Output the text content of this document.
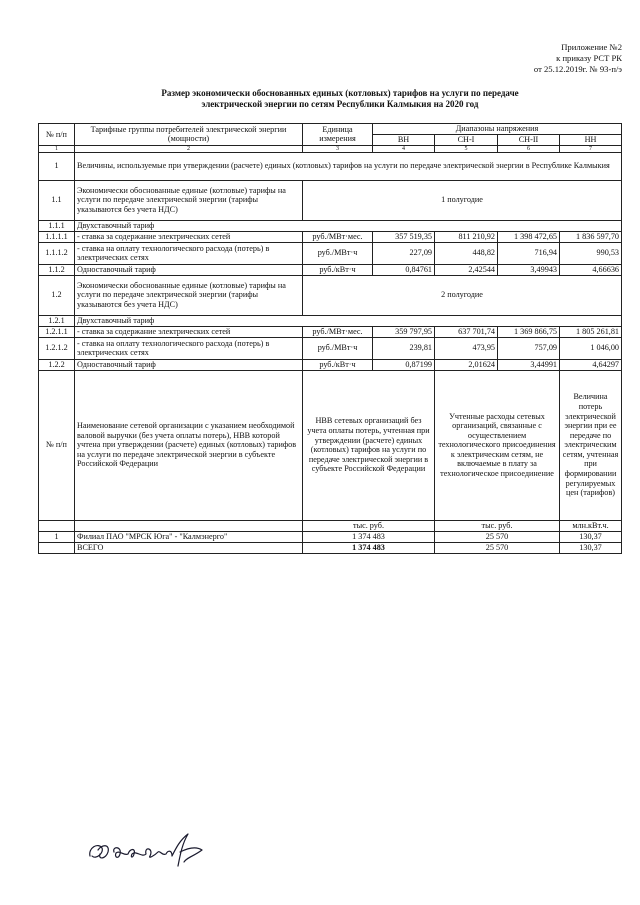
Приложение №2
к приказу РСТ РК
от 25.12.2019г. № 93-п/э
Размер экономически обоснованных единых (котловых) тарифов на услуги по передаче
электрической энергии по сетям Республики Калмыкия на 2020 год
№ п/п	Тарифные группы потребителей электрической энергии (мощности)	Единица измерения	Диапазоны напряжения			
			ВН	СН-I	СН-II	НН
1	2	3	4	5	6	7
1	Величины, используемые при утверждении (расчете) единых (котловых) тарифов на услуги по передаче электрической энергии в Республике Калмыкия					
1.1	Экономически обоснованные единые (котловые) тарифы на услуги по передаче электрической энергии (тарифы указываются без учета НДС)	1 полугодие				
1.1.1	Двухставочный тариф					
1.1.1.1	- ставка за содержание электрических сетей	руб./МВт·мес.	357 519,35	811 210,92	1 398 472,65	1 836 597,70
1.1.1.2	- ставка на оплату технологического расхода (потерь) в электрических сетях	руб./МВт·ч	227,09	448,82	716,94	990,53
1.1.2	Одноставочный тариф	руб./кВт·ч	0,84761	2,42544	3,49943	4,66636
1.2	Экономически обоснованные единые (котловые) тарифы на услуги по передаче электрической энергии (тарифы указываются без учета НДС)	2 полугодие				
1.2.1	Двухставочный тариф					
1.2.1.1	- ставка за содержание электрических сетей	руб./МВт·мес.	359 797,95	637 701,74	1 369 866,75	1 805 261,81
1.2.1.2	- ставка на оплату технологического расхода (потерь) в электрических сетях	руб./МВт·ч	239,81	473,95	757,09	1 046,00
1.2.2	Одноставочный тариф	руб./кВт·ч	0,87199	2,01624	3,44991	4,64297
№ п/п	Наименование сетевой организации с указанием необходимой валовой выручки (без учета оплаты потерь), НВВ которой учтена при утверждении (расчете) единых (котловых) тарифов на услуги по передаче электрической энергии в субъекте Российской Федерации	НВВ сетевых организаций без учета оплаты потерь, учтенная при утверждении (расчете) единых (котловых) тарифов на услуги по передаче электрической энергии в субъекте Российской Федерации		Учтенные расходы сетевых организаций, связанные с осуществлением технологического присоединения к электрическим сетям, не включаемые в плату за технологическое присоединение		Величина потерь электрической энергии при ее передаче по электрическим сетям, учтенная при формировании регулируемых цен (тарифов)
		тыс. руб.		тыс. руб.		млн.кВт.ч.
1	Филиал ПАО "МРСК Юга" - "Калмэнерго"	1 374 483		25 570		130,37
	ВСЕГО	1 374 483		25 570		130,37
